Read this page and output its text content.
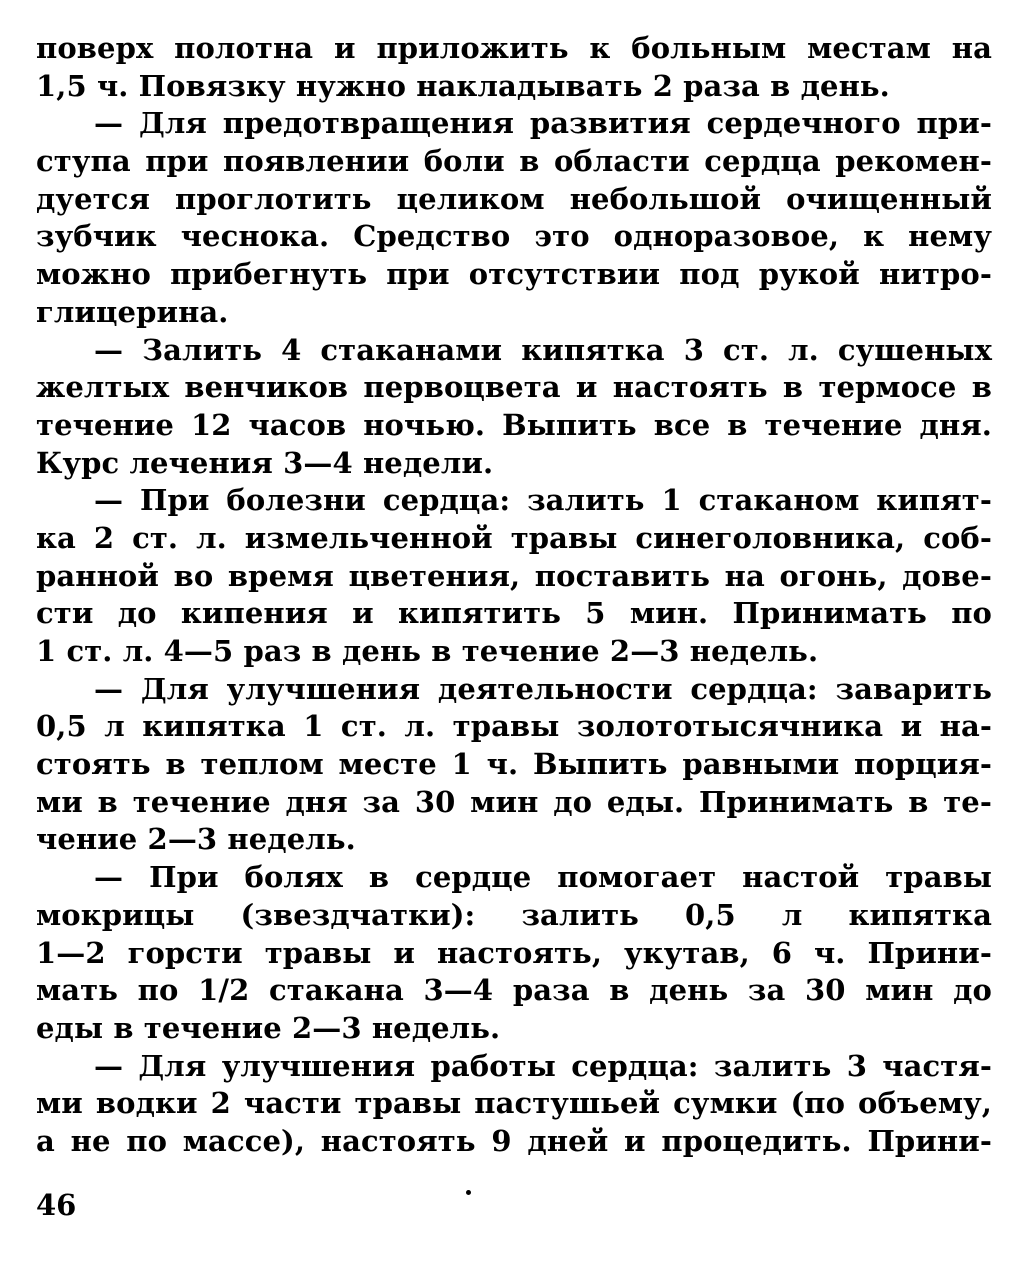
поверх полотна и приложить к больным местам на
1,5 ч. Повязку нужно накладывать 2 раза в день.
— Для предотвращения развития сердечного при-
ступа при появлении боли в области сердца рекомен-
дуется проглотить целиком небольшой очищенный
зубчик чеснока. Средство это одноразовое, к нему
можно прибегнуть при отсутствии под рукой нитро-
глицерина.
— Залить 4 стаканами кипятка 3 ст. л. сушеных
желтых венчиков первоцвета и настоять в термосе в
течение 12 часов ночью. Выпить все в течение дня.
Курс лечения 3—4 недели.
— При болезни сердца: залить 1 стаканом кипят-
ка 2 ст. л. измельченной травы синеголовника, соб-
ранной во время цветения, поставить на огонь, дове-
сти до кипения и кипятить 5 мин. Принимать по
1 ст. л. 4—5 раз в день в течение 2—3 недель.
— Для улучшения деятельности сердца: заварить
0,5 л кипятка 1 ст. л. травы золототысячника и на-
стоять в теплом месте 1 ч. Выпить равными порция-
ми в течение дня за 30 мин до еды. Принимать в те-
чение 2—3 недель.
— При болях в сердце помогает настой травы
мокрицы (звездчатки): залить 0,5 л кипятка
1—2 горсти травы и настоять, укутав, 6 ч. Прини-
мать по 1/2 стакана 3—4 раза в день за 30 мин до
еды в течение 2—3 недель.
— Для улучшения работы сердца: залить 3 частя-
ми водки 2 части травы пастушьей сумки (по объему,
а не по массе), настоять 9 дней и процедить. Прини-
46
